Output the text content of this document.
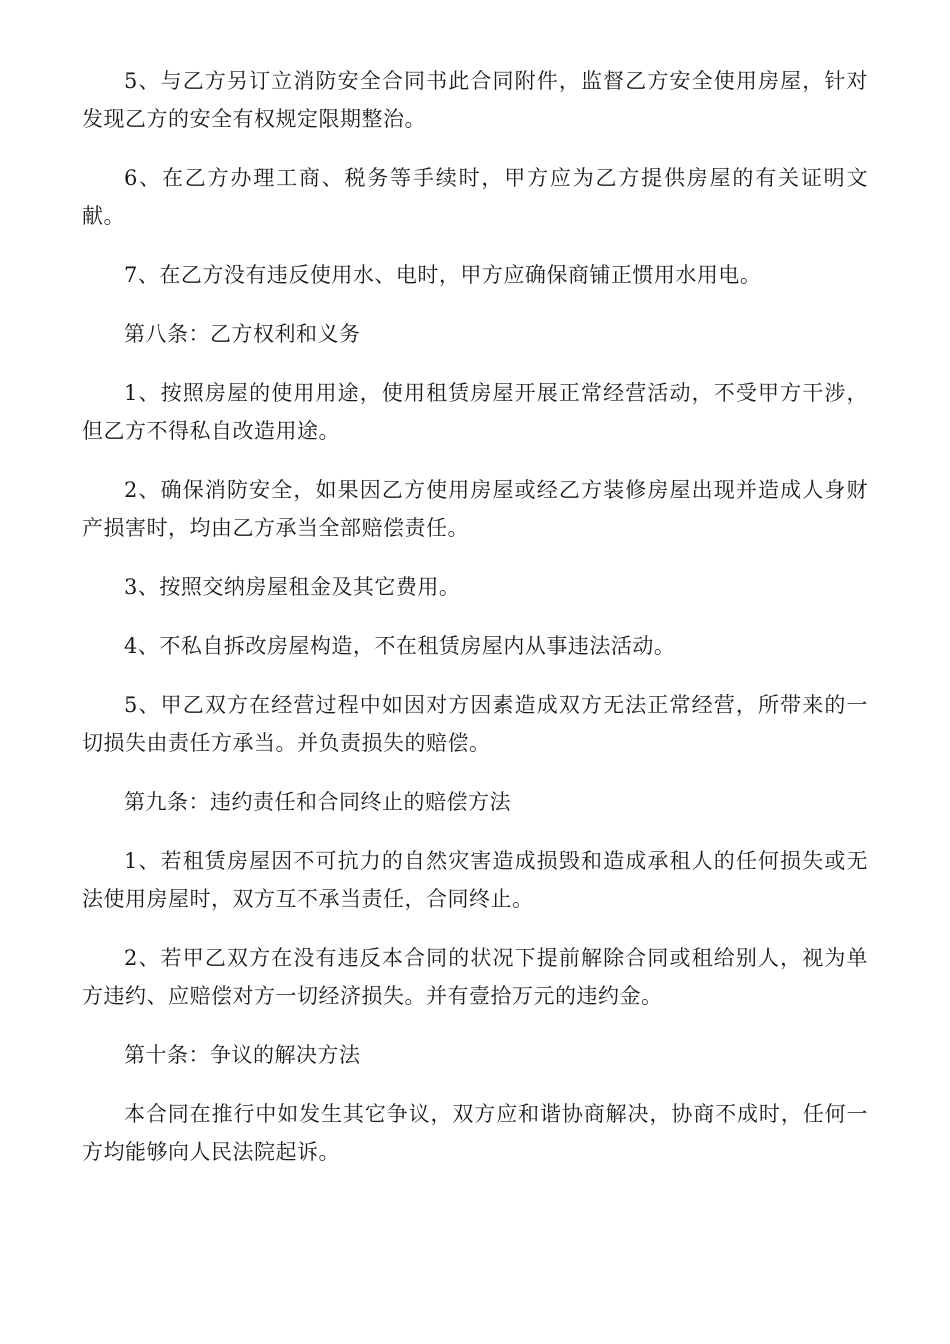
5、与乙方另订立消防安全合同书此合同附件，监督乙方安全使用房屋，针对发现乙方的安全有权规定限期整治。

6、在乙方办理工商、税务等手续时，甲方应为乙方提供房屋的有关证明文献。

7、在乙方没有违反使用水、电时，甲方应确保商铺正惯用水用电。

第八条：乙方权利和义务

1、按照房屋的使用用途，使用租赁房屋开展正常经营活动，不受甲方干涉，但乙方不得私自改造用途。

2、确保消防安全，如果因乙方使用房屋或经乙方装修房屋出现并造成人身财产损害时，均由乙方承当全部赔偿责任。

3、按照交纳房屋租金及其它费用。

4、不私自拆改房屋构造，不在租赁房屋内从事违法活动。

5、甲乙双方在经营过程中如因对方因素造成双方无法正常经营，所带来的一切损失由责任方承当。并负责损失的赔偿。

第九条：违约责任和合同终止的赔偿方法

1、若租赁房屋因不可抗力的自然灾害造成损毁和造成承租人的任何损失或无法使用房屋时，双方互不承当责任，合同终止。

2、若甲乙双方在没有违反本合同的状况下提前解除合同或租给别人，视为单方违约、应赔偿对方一切经济损失。并有壹拾万元的违约金。

第十条：争议的解决方法

本合同在推行中如发生其它争议，双方应和谐协商解决，协商不成时，任何一方均能够向人民法院起诉。
